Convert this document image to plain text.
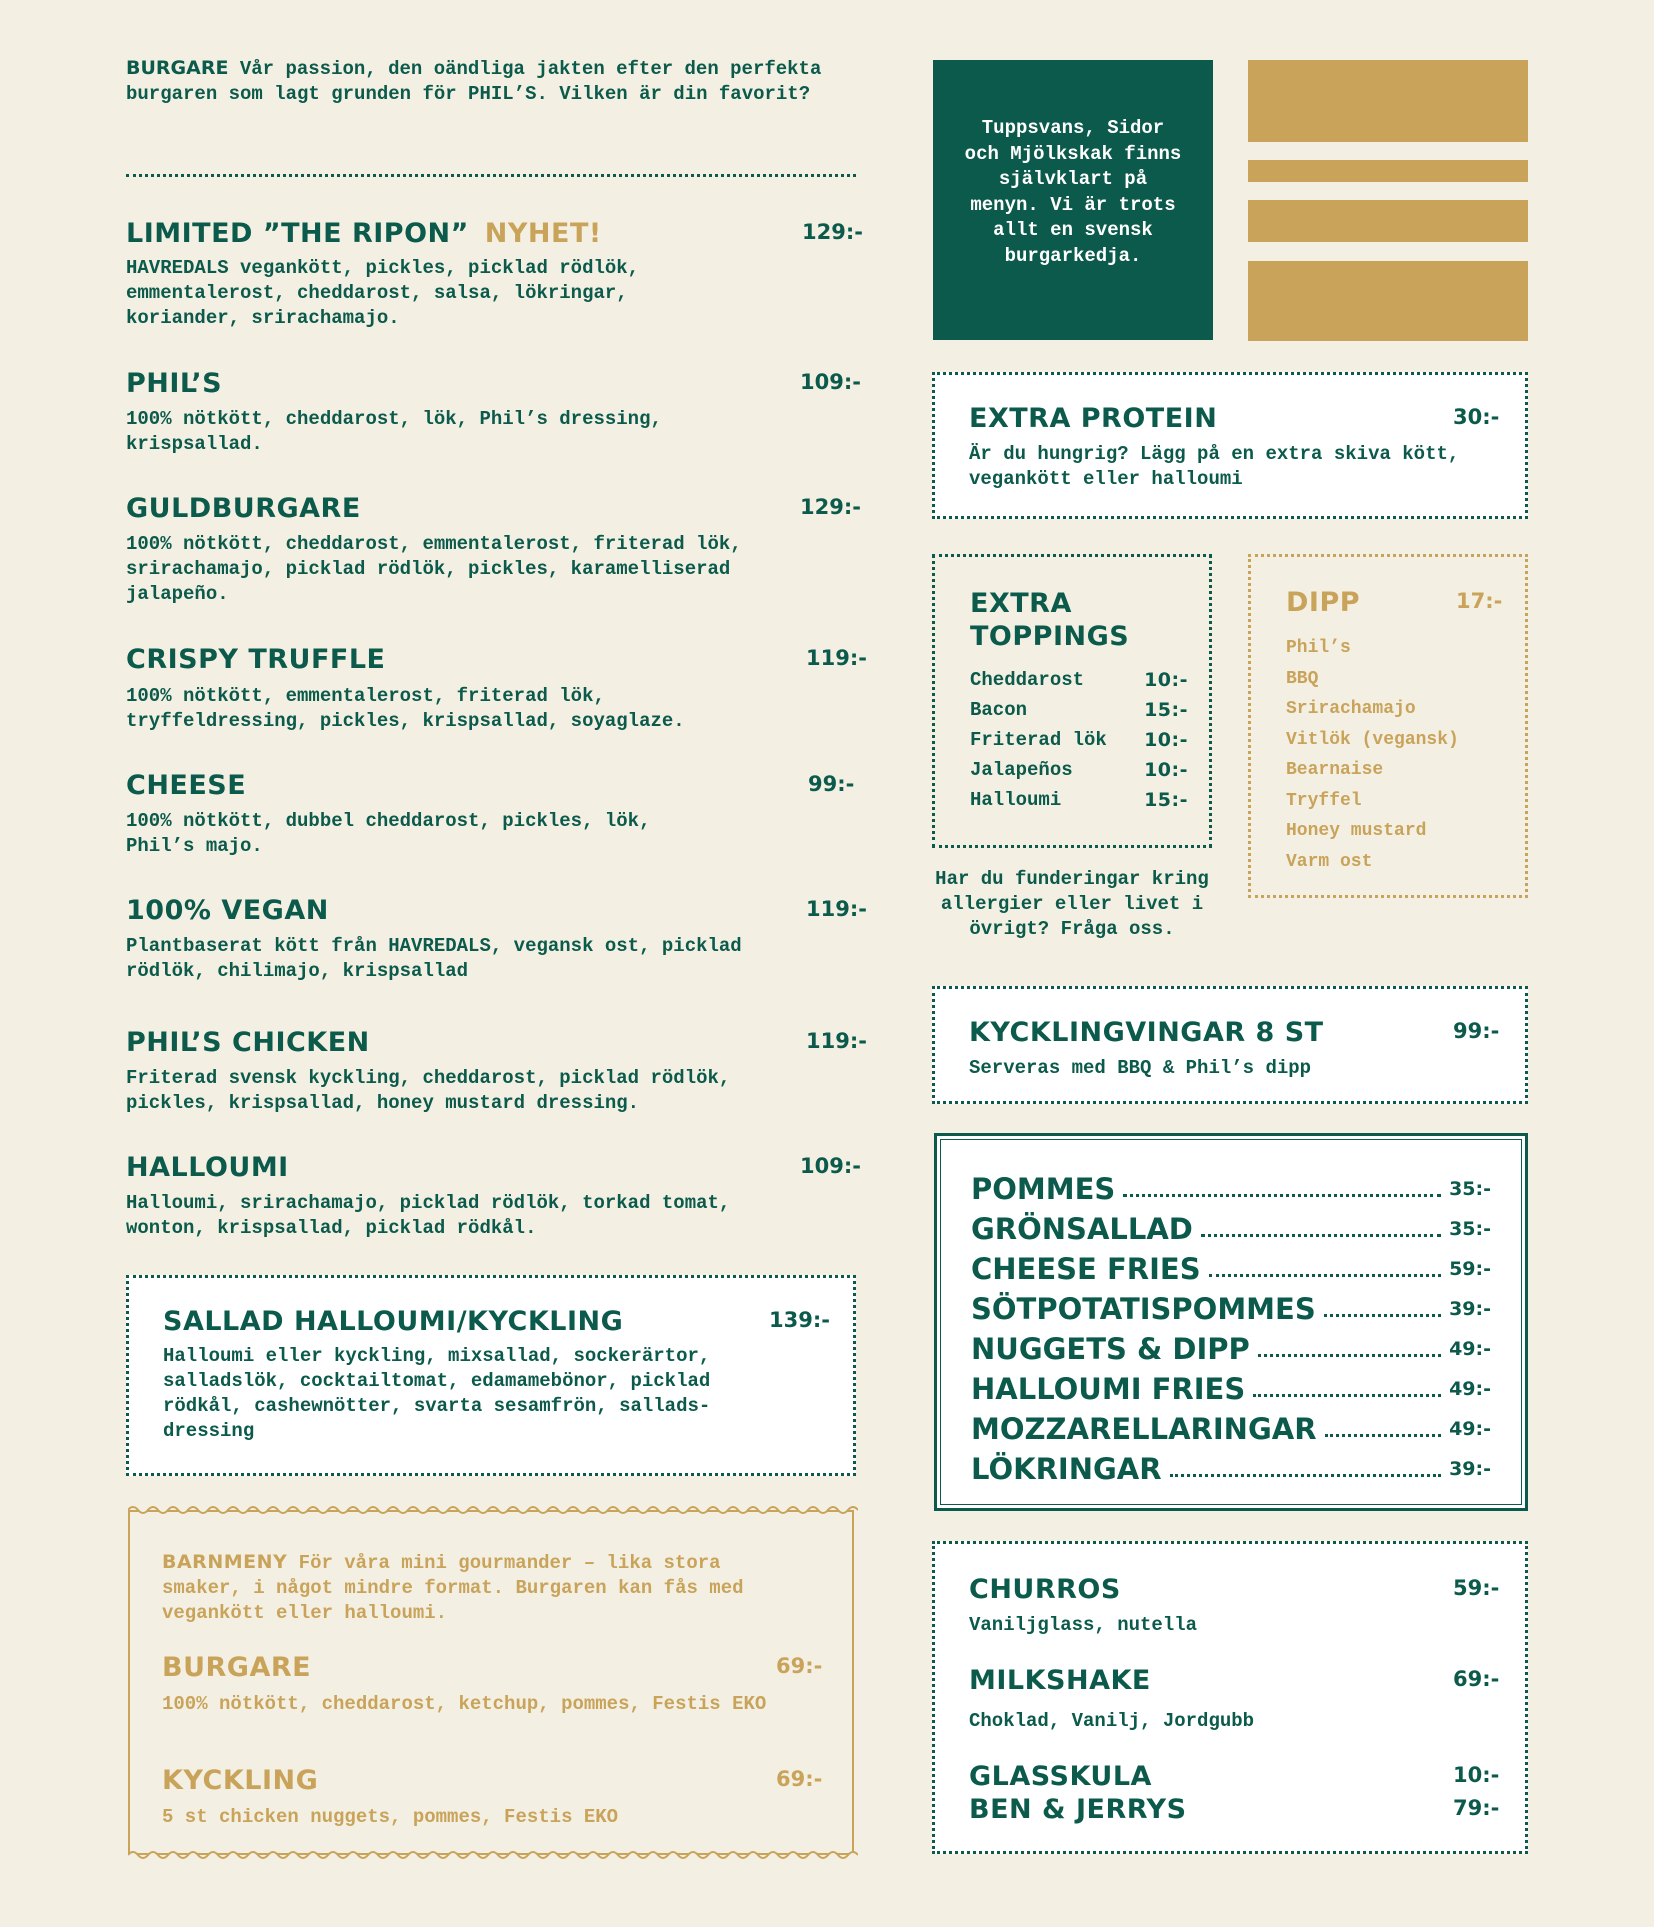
BURGARE Vår passion, den oändliga jakten efter den perfekta burgaren som lagt grunden för PHIL’S. Vilken är din favorit?
LIMITED ”THE RIPON” NYHET!	129:-
HAVREDALS vegankött, pickles, picklad rödlök, emmentalerost, cheddarost, salsa, lökringar, koriander, srirachamajo.
PHIL’S	109:-
100% nötkött, cheddarost, lök, Phil’s dressing, krispsallad.
GULDBURGARE	129:-
100% nötkött, cheddarost, emmentalerost, friterad lök, srirachamajo, picklad rödlök, pickles, karamelliserad jalapeño.
CRISPY TRUFFLE	119:-
100% nötkött, emmentalerost, friterad lök, tryffeldressing, pickles, krispsallad, soyaglaze.
CHEESE	99:-
100% nötkött, dubbel cheddarost, pickles, lök, Phil’s majo.
100% VEGAN	119:-
Plantbaserat kött från HAVREDALS, vegansk ost, picklad rödlök, chilimajo, krispsallad
PHIL’S CHICKEN	119:-
Friterad svensk kyckling, cheddarost, picklad rödlök, pickles, krispsallad, honey mustard dressing.
HALLOUMI	109:-
Halloumi, srirachamajo, picklad rödlök, torkad tomat, wonton, krispsallad, picklad rödkål.
SALLAD HALLOUMI/KYCKLING	139:-
Halloumi eller kyckling, mixsallad, sockerärtor, salladslök, cocktailtomat, edamamebönor, picklad rödkål, cashewnötter, svarta sesamfrön, sallads-dressing
BARNMENY För våra mini gourmander – lika stora smaker, i något mindre format. Burgaren kan fås med vegankött eller halloumi.
BURGARE	69:-
100% nötkött, cheddarost, ketchup, pommes, Festis EKO
KYCKLING	69:-
5 st chicken nuggets, pommes, Festis EKO
Tuppsvans, Sidor och Mjölkskak finns självklart på menyn. Vi är trots allt en svensk burgarkedja.
EXTRA PROTEIN	30:-
Är du hungrig? Lägg på en extra skiva kött, vegankött eller halloumi
EXTRA
TOPPINGS
Cheddarost	10:-
Bacon	15:-
Friterad lök 10:-
Jalapeños	10:-
Halloumi	15:-
DIPP	17:-
Phil’s
BBQ
Srirachamajo
Vitlök (vegansk)
Bearnaise
Tryffel
Honey mustard
Varm ost
Har du funderingar kring allergier eller livet i övrigt? Fråga oss.
KYCKLINGVINGAR 8 ST	99:-
Serveras med BBQ & Phil’s dipp
POMMES	35:-
GRÖNSALLAD	35:-
CHEESE FRIES	59:-
SÖTPOTATISPOMMES	39:-
NUGGETS & DIPP	49:-
HALLOUMI FRIES	49:-
MOZZARELLARINGAR	49:-
LÖKRINGAR	39:-
CHURROS	59:-
Vaniljglass, nutella
MILKSHAKE	69:-
Choklad, Vanilj, Jordgubb
GLASSKULA	10:-
BEN & JERRYS	79:-
